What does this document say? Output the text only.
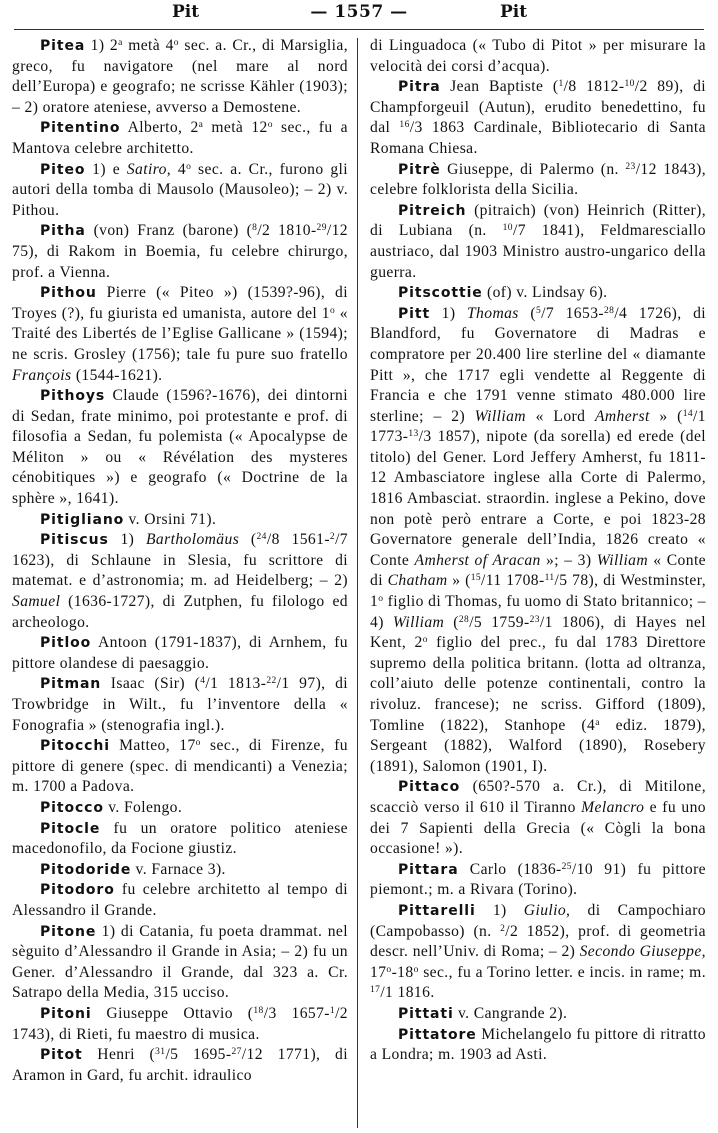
Pit	— 1557 —	Pit

Pitea 1) 2$^a$ metà 4$^o$ sec. a. Cr., di Marsiglia, greco, fu navigatore (nel mare al nord dell’Europa) e geografo; ne scrisse Kähler (1903); – 2) oratore ateniese, avverso a Demostene.

Pitentino Alberto, 2$^a$ metà 12$^o$ sec., fu a Mantova celebre architetto.

Piteo 1) e Satiro, 4$^o$ sec. a. Cr., furono gli autori della tomba di Mausolo (Mausoleo); – 2) v. Pithou.

Pitha (von) Franz (barone) ($^8$/2 1810-$^{29}$/12 75), di Rakom in Boemia, fu celebre chirurgo, prof. a Vienna.

Pithou Pierre (« Piteo ») (1539?-96), di Troyes (?), fu giurista ed umanista, autore del 1$^o$ « Traité des Libertés de l’Eglise Gallicane » (1594); ne scris. Grosley (1756); tale fu pure suo fratello François (1544-1621).

Pithoys Claude (1596?-1676), dei dintorni di Sedan, frate minimo, poi protestante e prof. di filosofia a Sedan, fu polemista (« Apocalypse de Méliton » ou « Révélation des mysteres cénobitiques ») e geografo (« Doctrine de la sphère », 1641).

Pitigliano v. Orsini 71).

Pitiscus 1) Bartholomäus ($^{24}$/8 1561-$^2$/7 1623), di Schlaune in Slesia, fu scrittore di matemat. e d’astronomia; m. ad Heidelberg; – 2) Samuel (1636-1727), di Zutphen, fu filologo ed archeologo.

Pitloo Antoon (1791-1837), di Arnhem, fu pittore olandese di paesaggio.

Pitman Isaac (Sir) ($^4$/1 1813-$^{22}$/1 97), di Trowbridge in Wilt., fu l’inventore della « Fonografia » (stenografia ingl.).

Pitocchi Matteo, 17$^o$ sec., di Firenze, fu pittore di genere (spec. di mendicanti) a Venezia; m. 1700 a Padova.

Pitocco v. Folengo.

Pitocle fu un oratore politico ateniese macedonofilo, da Focione giustiz.

Pitodoride v. Farnace 3).

Pitodoro fu celebre architetto al tempo di Alessandro il Grande.

Pitone 1) di Catania, fu poeta drammat. nel sèguito d’Alessandro il Grande in Asia; – 2) fu un Gener. d’Alessandro il Grande, dal 323 a. Cr. Satrapo della Media, 315 ucciso.

Pitoni Giuseppe Ottavio ($^{18}$/3 1657-$^1$/2 1743), di Rieti, fu maestro di musica.

Pitot Henri ($^{31}$/5 1695-$^{27}$/12 1771), di Aramon in Gard, fu archit. idraulico

di Linguadoca (« Tubo di Pitot » per misurare la velocità dei corsi d’acqua).

Pitra Jean Baptiste ($^1$/8 1812-$^{10}$/2 89), di Champforgeuil (Autun), erudito benedettino, fu dal $^{16}$/3 1863 Cardinale, Bibliotecario di Santa Romana Chiesa.

Pitrè Giuseppe, di Palermo (n. $^{23}$/12 1843), celebre folklorista della Sicilia.

Pitreich (pitraich) (von) Heinrich (Ritter), di Lubiana (n. $^{10}$/7 1841), Feldmaresciallo austriaco, dal 1903 Ministro austro-ungarico della guerra.

Pitscottie (of) v. Lindsay 6).

Pitt 1) Thomas ($^5$/7 1653-$^{28}$/4 1726), di Blandford, fu Governatore di Madras e compratore per 20.400 lire sterline del « diamante Pitt », che 1717 egli vendette al Reggente di Francia e che 1791 venne stimato 480.000 lire sterline; – 2) William « Lord Amherst » ($^{14}$/1 1773-$^{13}$/3 1857), nipote (da sorella) ed erede (del titolo) del Gener. Lord Jeffery Amherst, fu 1811-12 Ambasciatore inglese alla Corte di Palermo, 1816 Ambasciat. straordin. inglese a Pekino, dove non potè però entrare a Corte, e poi 1823-28 Governatore generale dell’India, 1826 creato « Conte Amherst of Aracan »; – 3) William « Conte di Chatham » ($^{15}$/11 1708-$^{11}$/5 78), di Westminster, 1$^o$ figlio di Thomas, fu uomo di Stato britannico; – 4) William ($^{28}$/5 1759-$^{23}$/1 1806), di Hayes nel Kent, 2$^o$ figlio del prec., fu dal 1783 Direttore supremo della politica britann. (lotta ad oltranza, coll’aiuto delle potenze continentali, contro la rivoluz. francese); ne scriss. Gifford (1809), Tomline (1822), Stanhope (4$^a$ ediz. 1879), Sergeant (1882), Walford (1890), Rosebery (1891), Salomon (1901, I).

Pittaco (650?-570 a. Cr.), di Mitilone, scacciò verso il 610 il Tiranno Melancro e fu uno dei 7 Sapienti della Grecia (« Cògli la bona occasione! »).

Pittara Carlo (1836-$^{25}$/10 91) fu pittore piemont.; m. a Rivara (Torino).

Pittarelli 1) Giulio, di Campochiaro (Campobasso) (n. $^2$/2 1852), prof. di geometria descr. nell’Univ. di Roma; – 2) Secondo Giuseppe, 17$^o$-18$^o$ sec., fu a Torino letter. e incis. in rame; m. $^{17}$/1 1816.

Pittati v. Cangrande 2).

Pittatore Michelangelo fu pittore di ritratto a Londra; m. 1903 ad Asti.
